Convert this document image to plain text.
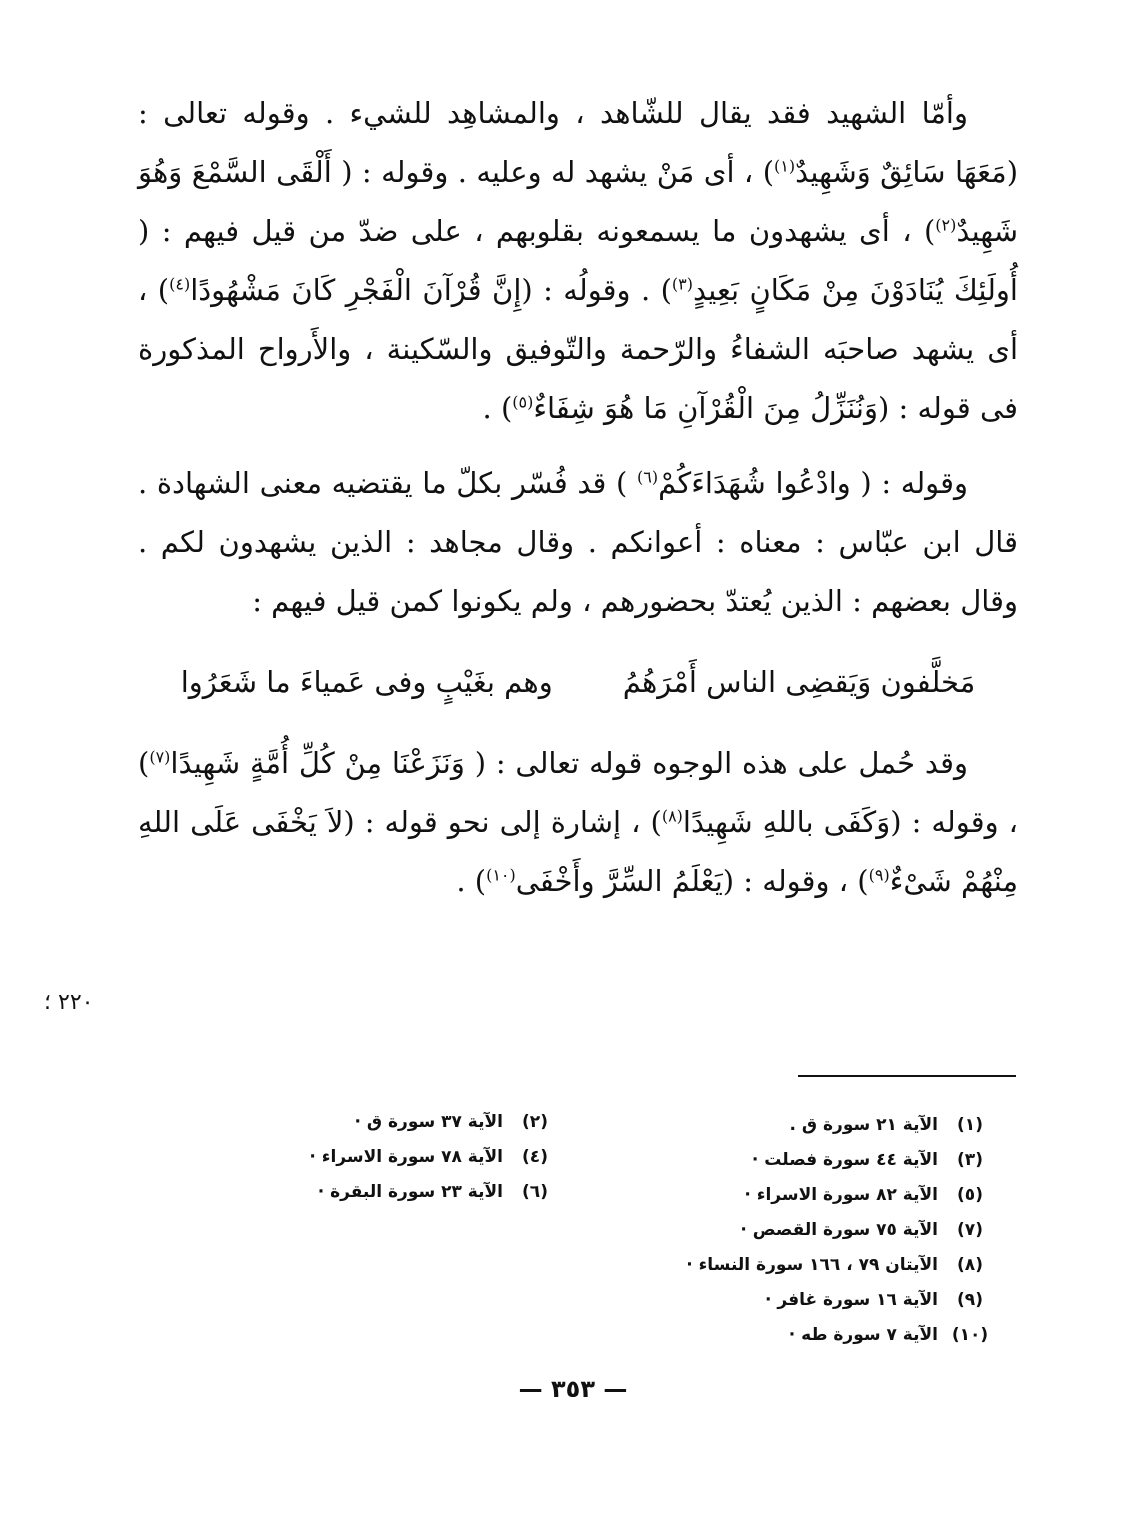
وأمّا الشهيد فقد يقال للشّاهد ، والمشاهِد للشيء . وقوله تعالى : (مَعَهَا سَائِقٌ وَشَهِيدٌ$^{(١)}$) ، أى مَنْ يشهد له وعليه . وقوله : ( أَلْقَى السَّمْعَ وَهُوَ شَهِيدٌ$^{(٢)}$) ، أى يشهدون ما يسمعونه بقلوبهم ، على ضدّ من قيل فيهم : ( أُولَئِكَ يُنَادَوْنَ مِنْ مَكَانٍ بَعِيدٍ$^{(٣)}$) . وقولُه : (إِنَّ قُرْآنَ الْفَجْرِ كَانَ مَشْهُودًا$^{(٤)}$) ، أى يشهد صاحبَه الشفاءُ والرّحمة والتّوفيق والسّكينة ، والأَرواح المذكورة فى قوله : (وَنُنَزِّلُ مِنَ الْقُرْآنِ مَا هُوَ شِفَاءٌ$^{(٥)}$) .

وقوله : ( وادْعُوا شُهَدَاءَكُمْ$^{(٦)}$ ) قد فُسّر بكلّ ما يقتضيه معنى الشهادة . قال ابن عبّاس : معناه : أعوانكم . وقال مجاهد : الذين يشهدون لكم . وقال بعضهم : الذين يُعتدّ بحضورهم ، ولم يكونوا كمن قيل فيهم :

مَخلَّفون وَيَقضِى الناس أَمْرَهُمُ
وهم بغَيْبٍ وفى عَمياءَ ما شَعَرُوا

وقد حُمل على هذه الوجوه قوله تعالى : ( وَنَزَعْنَا مِنْ كُلِّ أُمَّةٍ شَهِيدًا$^{(٧)}$) ، وقوله : (وَكَفَى باللهِ شَهِيدًا$^{(٨)}$) ، إشارة إلى نحو قوله : (لاَ يَخْفَى عَلَى اللهِ مِنْهُمْ شَىْءٌ$^{(٩)}$) ، وقوله : (يَعْلَمُ السِّرَّ وأَخْفَى$^{(١٠)}$) .

٢٢٠ ؛
(١)
الآية ٢١ سورة ق .
(٣)
الآية ٤٤ سورة فصلت ·
(٥)
الآية ٨٢ سورة الاسراء ·
(٧)
الآية ٧٥ سورة القصص ·
(٨)
الآيتان ٧٩ ، ١٦٦ سورة النساء ·
(٩)
الآية ١٦ سورة غافر ·
(١٠)
الآية ٧ سورة طه ·
(٢)
الآية ٣٧ سورة ق ·
(٤)
الآية ٧٨ سورة الاسراء ·
(٦)
الآية ٢٣ سورة البقرة ·
— ٣٥٣ —
